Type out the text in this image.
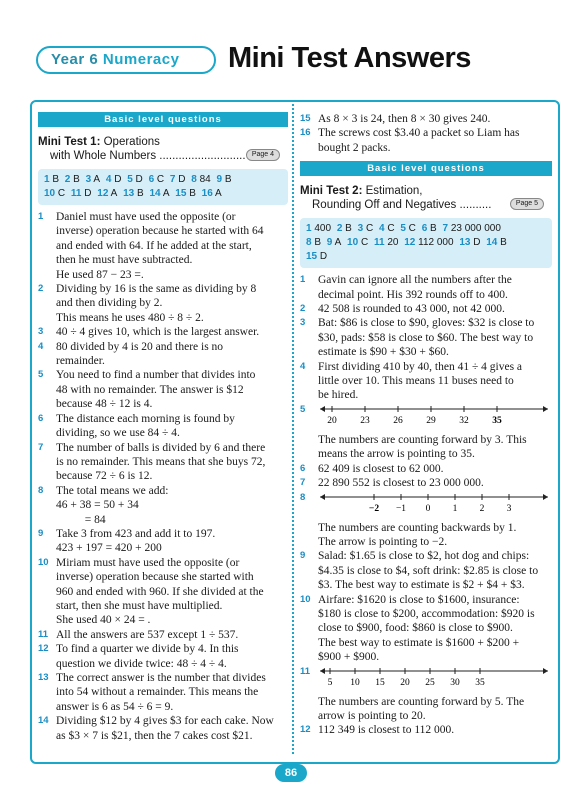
Year 6 Numeracy	Mini Test Answers
Basic level questions
Mini Test 1: Operations
with Whole Numbers ........................... Page 4
1 B 2 B 3 A 4 D 5 D 6 C 7 D 8 84 9 B
10 C 11 D 12 A 13 B 14 A 15 B 16 A
1 Daniel must have used the opposite (or
inverse) operation because he started with 64
and ended with 64. If he added at the start,
then he must have subtracted.
He used 87 − 23 =.
2 Dividing by 16 is the same as dividing by 8
and then dividing by 2.
This means he uses 480 ÷ 8 ÷ 2.
3 40 ÷ 4 gives 10, which is the largest answer.
4 80 divided by 4 is 20 and there is no
remainder.
5 You need to find a number that divides into
48 with no remainder. The answer is $12
because 48 ÷ 12 is 4.
6 The distance each morning is found by
dividing, so we use 84 ÷ 4.
7 The number of balls is divided by 6 and there
is no remainder. This means that she buys 72,
because 72 ÷ 6 is 12.
8 The total means we add:
46 + 38 = 50 + 34
= 84
9 Take 3 from 423 and add it to 197.
423 + 197 = 420 + 200
10 Miriam must have used the opposite (or
inverse) operation because she started with
960 and ended with 960. If she divided at the
start, then she must have multiplied.
She used 40 × 24 = .
11 All the answers are 537 except 1 ÷ 537.
12 To find a quarter we divide by 4. In this
question we divide twice: 48 ÷ 4 ÷ 4.
13 The correct answer is the number that divides
into 54 without a remainder. This means the
answer is 6 as 54 ÷ 6 = 9.
14 Dividing $12 by 4 gives $3 for each cake. Now
as $3 × 7 is $21, then the 7 cakes cost $21.
15 As 8 × 3 is 24, then 8 × 30 gives 240.
16 The screws cost $3.40 a packet so Liam has
bought 2 packs.
Basic level questions
Mini Test 2: Estimation,
Rounding Off and Negatives ..........	Page 5
1 400 2 B 3 C 4 C 5 C 6 B 7 23 000 000
8 B 9 A 10 C 11 20 12 112 000 13 D 14 B
15 D
1 Gavin can ignore all the numbers after the
decimal point. His 392 rounds off to 400.
2 42 508 is rounded to 43 000, not 42 000.
3 Bat: $86 is close to $90, gloves: $32 is close to
$30, pads: $58 is close to $60. The best way to
estimate is $90 + $30 + $60.
4 First dividing 410 by 40, then 41 ÷ 4 gives a
little over 10. This means 11 buses need to
be hired.
5
20 23 26 29 32 35
The numbers are counting forward by 3. This
means the arrow is pointing to 35.
6 62 409 is closest to 62 000.
7 22 890 552 is closest to 23 000 000.
8
−2 −1 0 1 2 3
The numbers are counting backwards by 1.
The arrow is pointing to −2.
9 Salad: $1.65 is close to $2, hot dog and chips:
$4.35 is close to $4, soft drink: $2.85 is close to
$3. The best way to estimate is $2 + $4 + $3.
10 Airfare: $1620 is close to $1600, insurance:
$180 is close to $200, accommodation: $920 is
close to $900, food: $860 is close to $900.
The best way to estimate is $1600 + $200 +
$900 + $900.
11
5 10 15 20 25 30 35
The numbers are counting forward by 5. The
arrow is pointing to 20.
12 112 349 is closest to 112 000.
86
